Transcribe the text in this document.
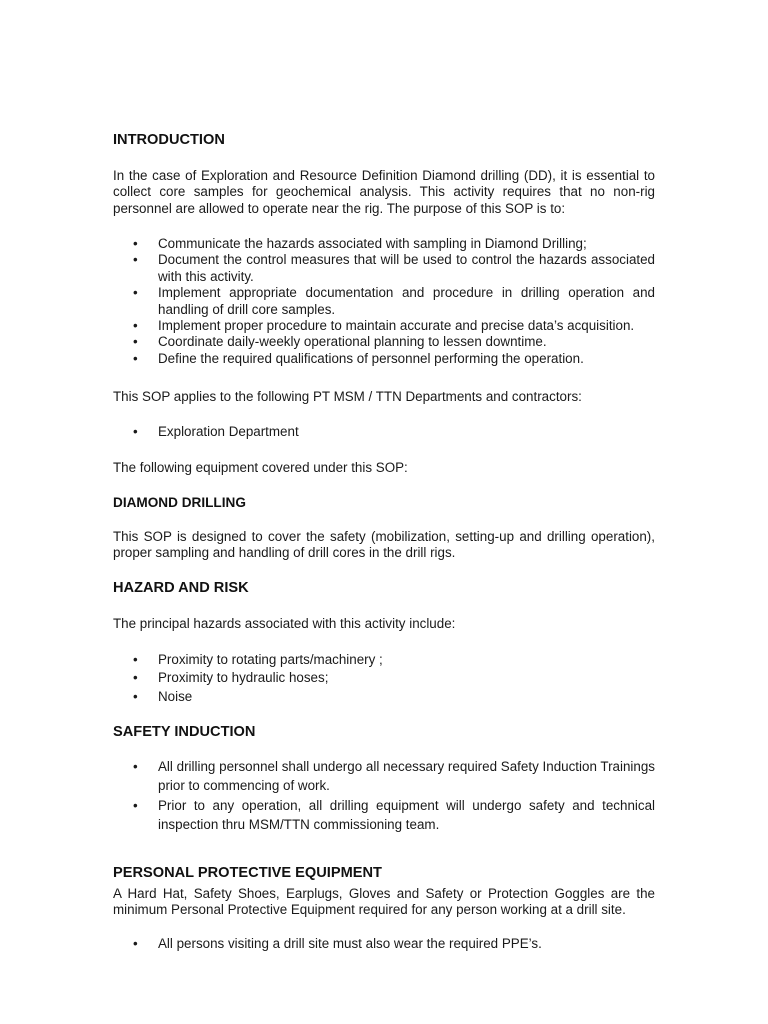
INTRODUCTION

In the case of Exploration and Resource Definition Diamond drilling (DD), it is essential to collect core samples for geochemical analysis. This activity requires that no non-rig personnel are allowed to operate near the rig. The purpose of this SOP is to:

• Communicate the hazards associated with sampling in Diamond Drilling;
• Document the control measures that will be used to control the hazards associated with this activity.
• Implement appropriate documentation and procedure in drilling operation and handling of drill core samples.
• Implement proper procedure to maintain accurate and precise data’s acquisition.
• Coordinate daily-weekly operational planning to lessen downtime.
• Define the required qualifications of personnel performing the operation.

This SOP applies to the following PT MSM / TTN Departments and contractors:

• Exploration Department

The following equipment covered under this SOP:

DIAMOND DRILLING

This SOP is designed to cover the safety (mobilization, setting-up and drilling operation), proper sampling and handling of drill cores in the drill rigs.

HAZARD AND RISK

The principal hazards associated with this activity include:

• Proximity to rotating parts/machinery ;
• Proximity to hydraulic hoses;
• Noise
SAFETY INDUCTION
• All drilling personnel shall undergo all necessary required Safety Induction Trainings prior to commencing of work.
• Prior to any operation, all drilling equipment will undergo safety and technical inspection thru MSM/TTN commissioning team.
PERSONAL PROTECTIVE EQUIPMENT

A Hard Hat, Safety Shoes, Earplugs, Gloves and Safety or Protection Goggles are the minimum Personal Protective Equipment required for any person working at a drill site.

• All persons visiting a drill site must also wear the required PPE’s.
